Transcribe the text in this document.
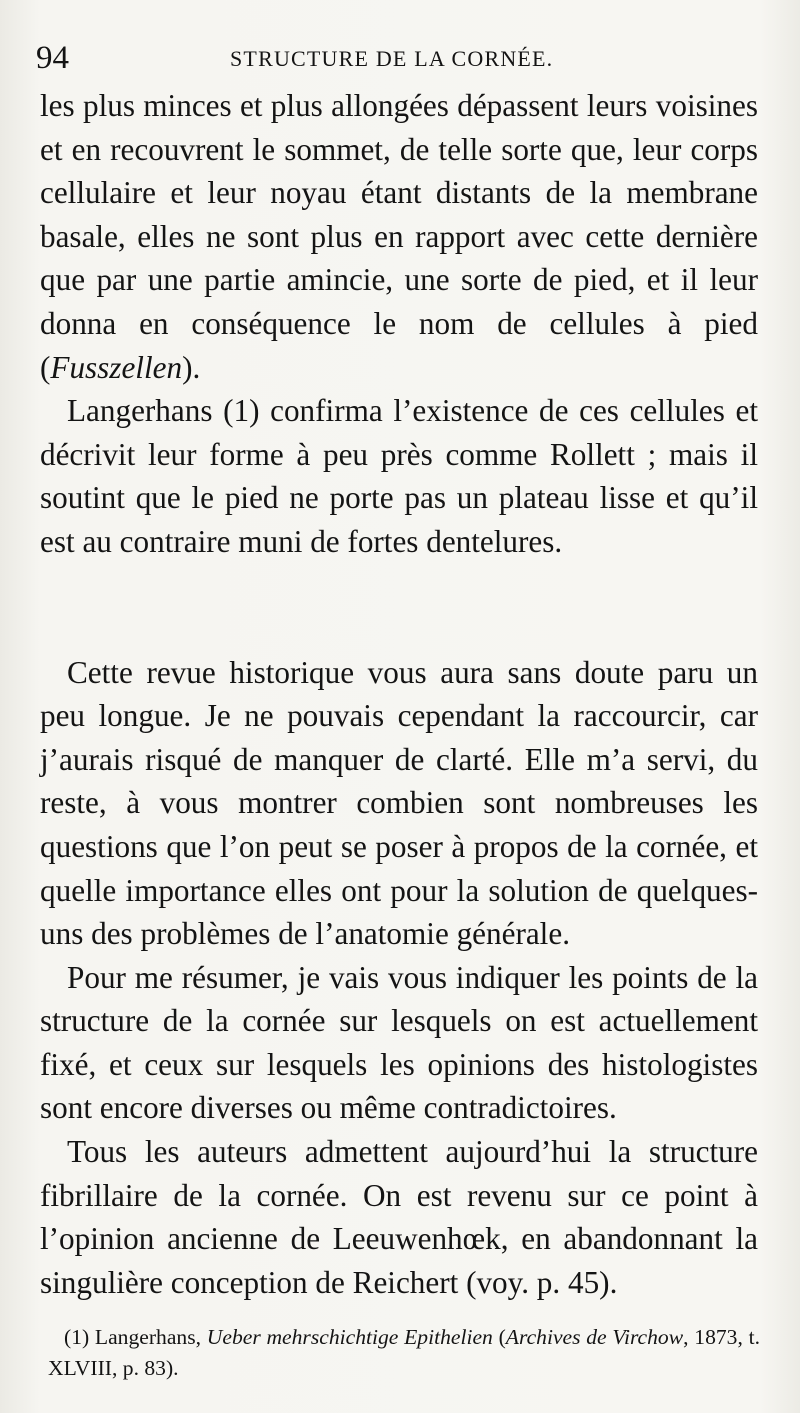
94	STRUCTURE DE LA CORNÉE.

les plus minces et plus allongées dépassent leurs voisines et en recouvrent le sommet, de telle sorte que, leur corps cellulaire et leur noyau étant distants de la membrane basale, elles ne sont plus en rapport avec cette dernière que par une partie amincie, une sorte de pied, et il leur donna en conséquence le nom de cellules à pied (Fusszellen).

Langerhans (1) confirma l’existence de ces cellules et décrivit leur forme à peu près comme Rollett ; mais il soutint que le pied ne porte pas un plateau lisse et qu’il est au contraire muni de fortes dentelures.

Cette revue historique vous aura sans doute paru un peu longue. Je ne pouvais cependant la raccourcir, car j’aurais risqué de manquer de clarté. Elle m’a servi, du reste, à vous montrer combien sont nombreuses les questions que l’on peut se poser à propos de la cornée, et quelle importance elles ont pour la solution de quelques-uns des problèmes de l’anatomie générale.

Pour me résumer, je vais vous indiquer les points de la structure de la cornée sur lesquels on est actuellement fixé, et ceux sur lesquels les opinions des histologistes sont encore diverses ou même contradictoires.

Tous les auteurs admettent aujourd’hui la structure fibrillaire de la cornée. On est revenu sur ce point à l’opinion ancienne de Leeuwenhœk, en abandonnant la singulière conception de Reichert (voy. p. 45).

(1) Langerhans, Ueber mehrschichtige Epithelien (Archives de Virchow, 1873, t. XLVIII, p. 83).
